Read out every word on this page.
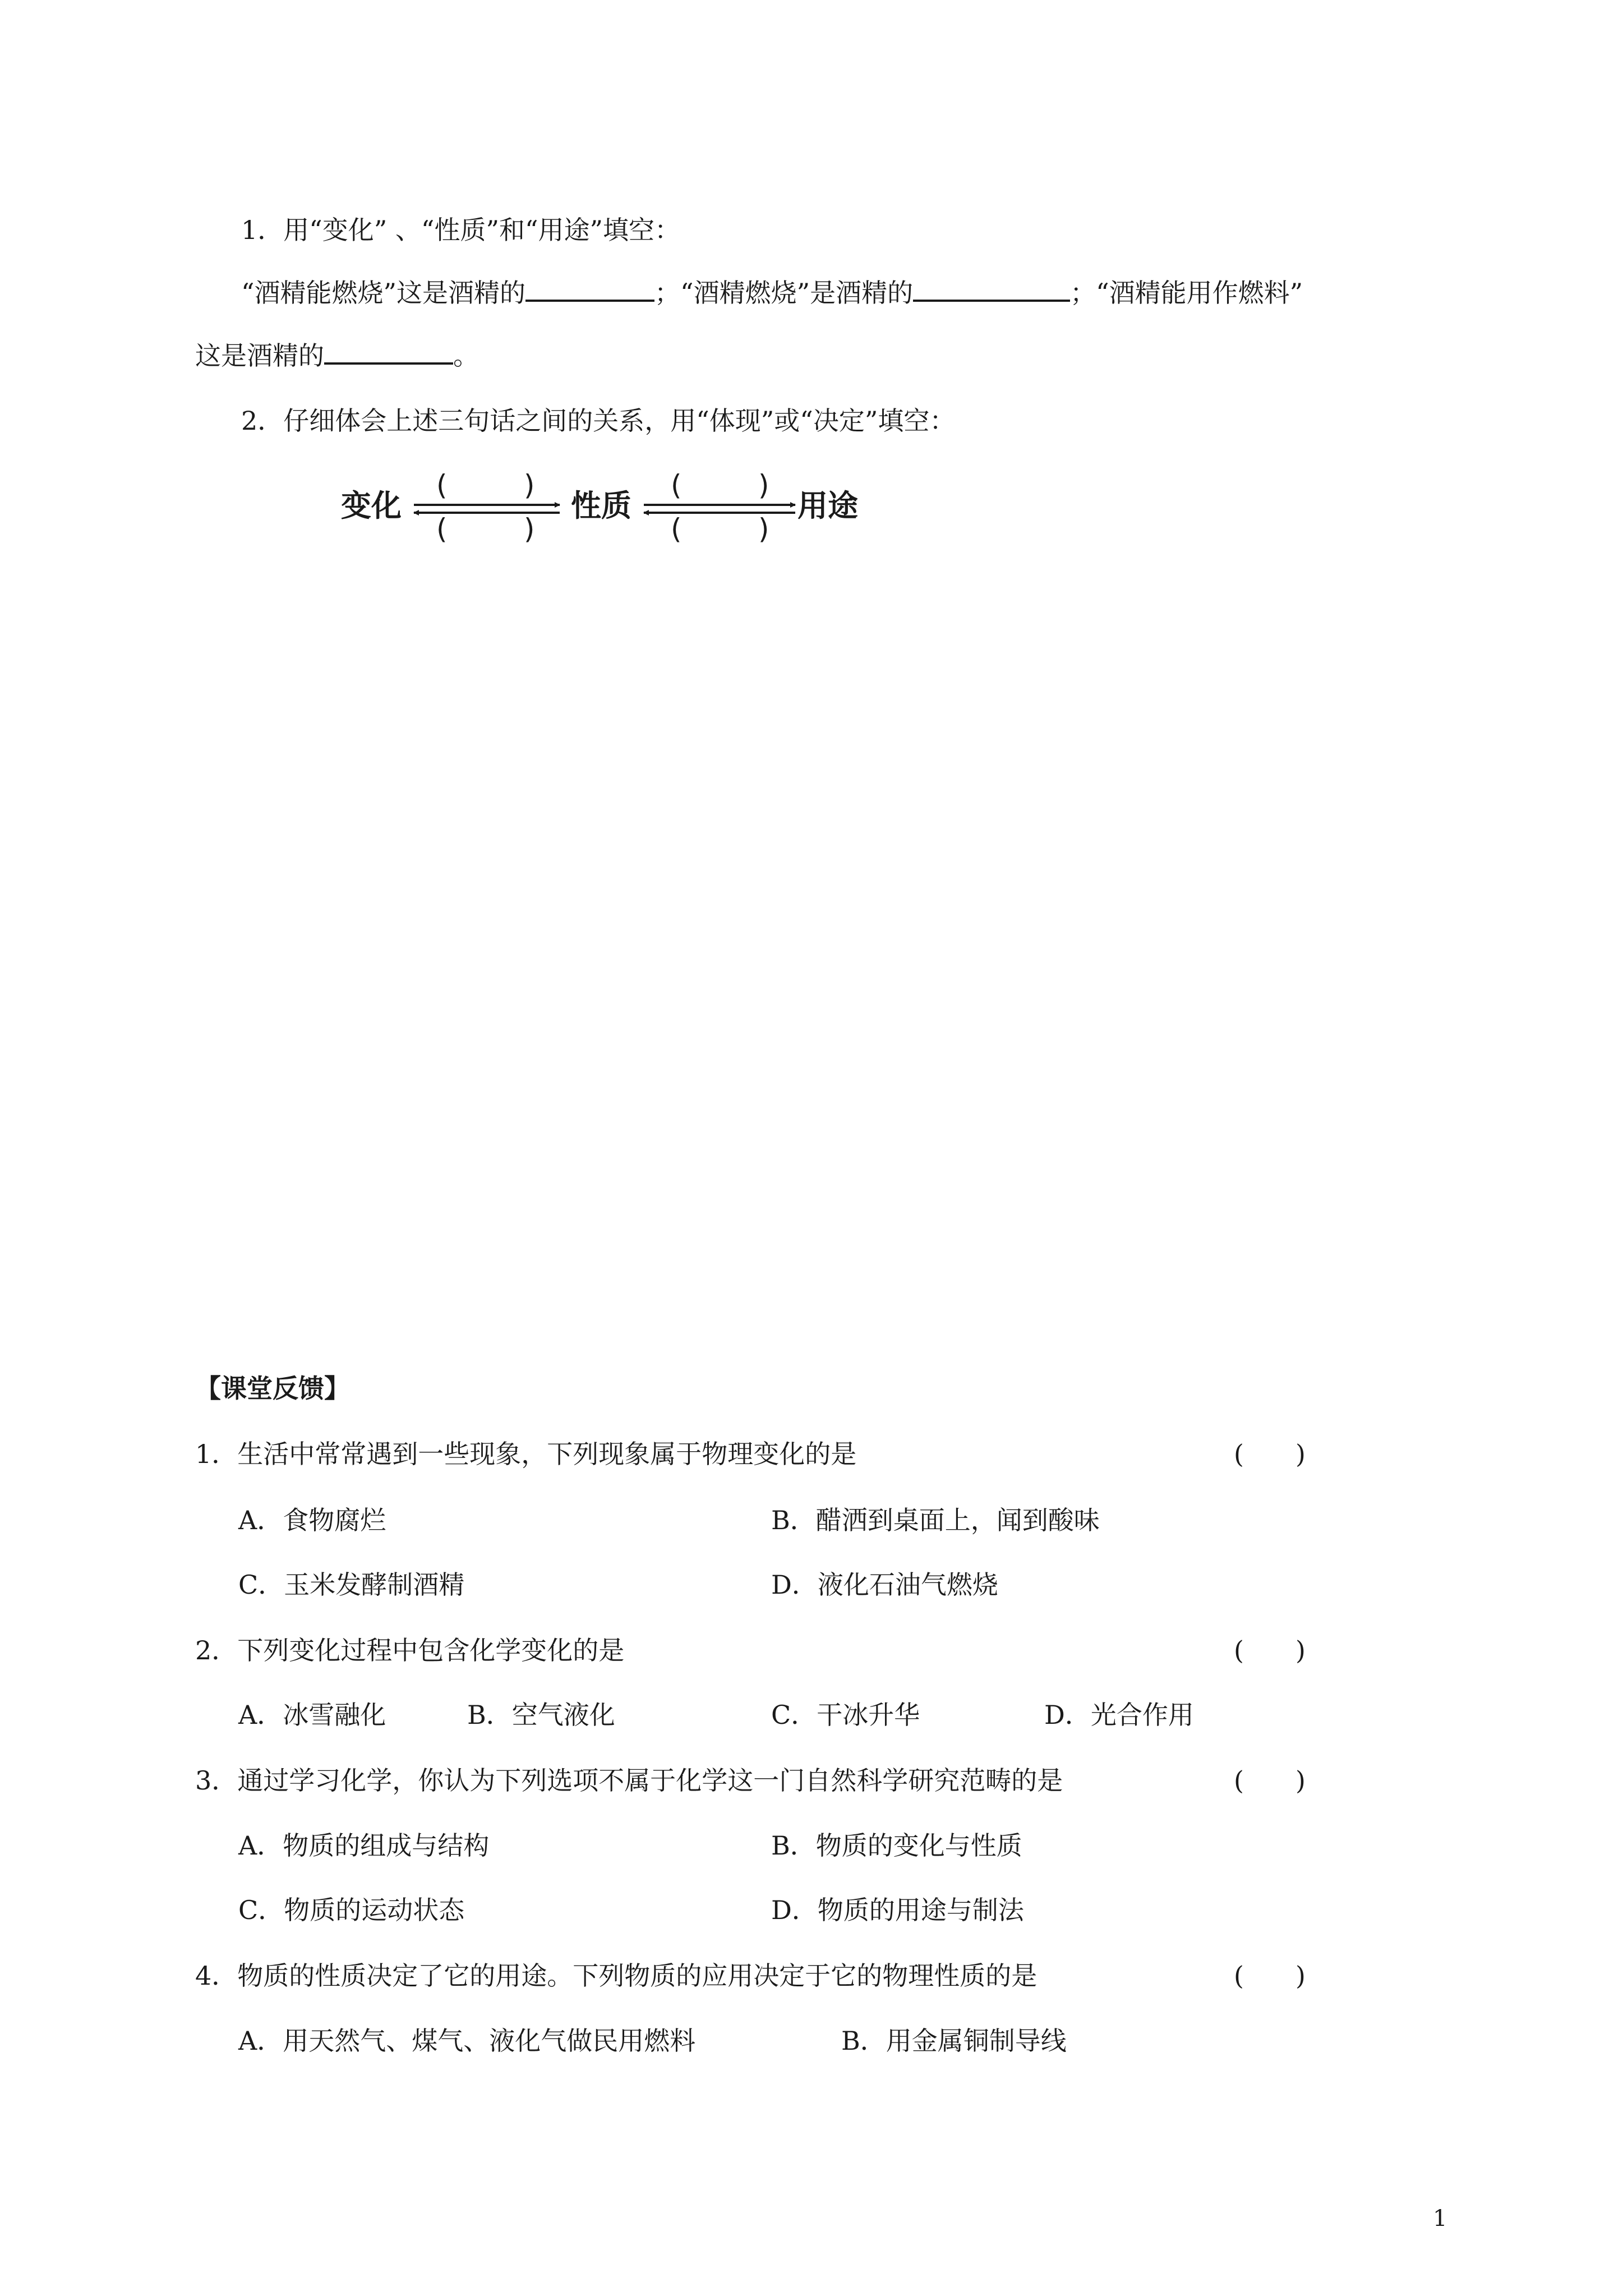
1．用“变化” 、“性质”和“用途”填空：
“酒精能燃烧”这是酒精的	；“酒精燃烧”是酒精的	；“酒精能用作燃料”
这是酒精的	。
2．仔细体会上述三句话之间的关系，用“体现”或“决定”填空：
变化	性质	用途
(	)
(	)
(	)
(	)
【课堂反馈】
1．生活中常常遇到一些现象，下列现象属于物理变化的是	(　　)
A．食物腐烂	B．醋洒到桌面上，闻到酸味
C．玉米发酵制酒精	D．液化石油气燃烧
2．下列变化过程中包含化学变化的是	(　　)
A．冰雪融化	B．空气液化	C．干冰升华	D．光合作用
3．通过学习化学，你认为下列选项不属于化学这一门自然科学研究范畴的是	(　　)
A．物质的组成与结构	B．物质的变化与性质
C．物质的运动状态	D．物质的用途与制法
4．物质的性质决定了它的用途。下列物质的应用决定于它的物理性质的是	(　　)
A．用天然气、煤气、液化气做民用燃料	B．用金属铜制导线
1
